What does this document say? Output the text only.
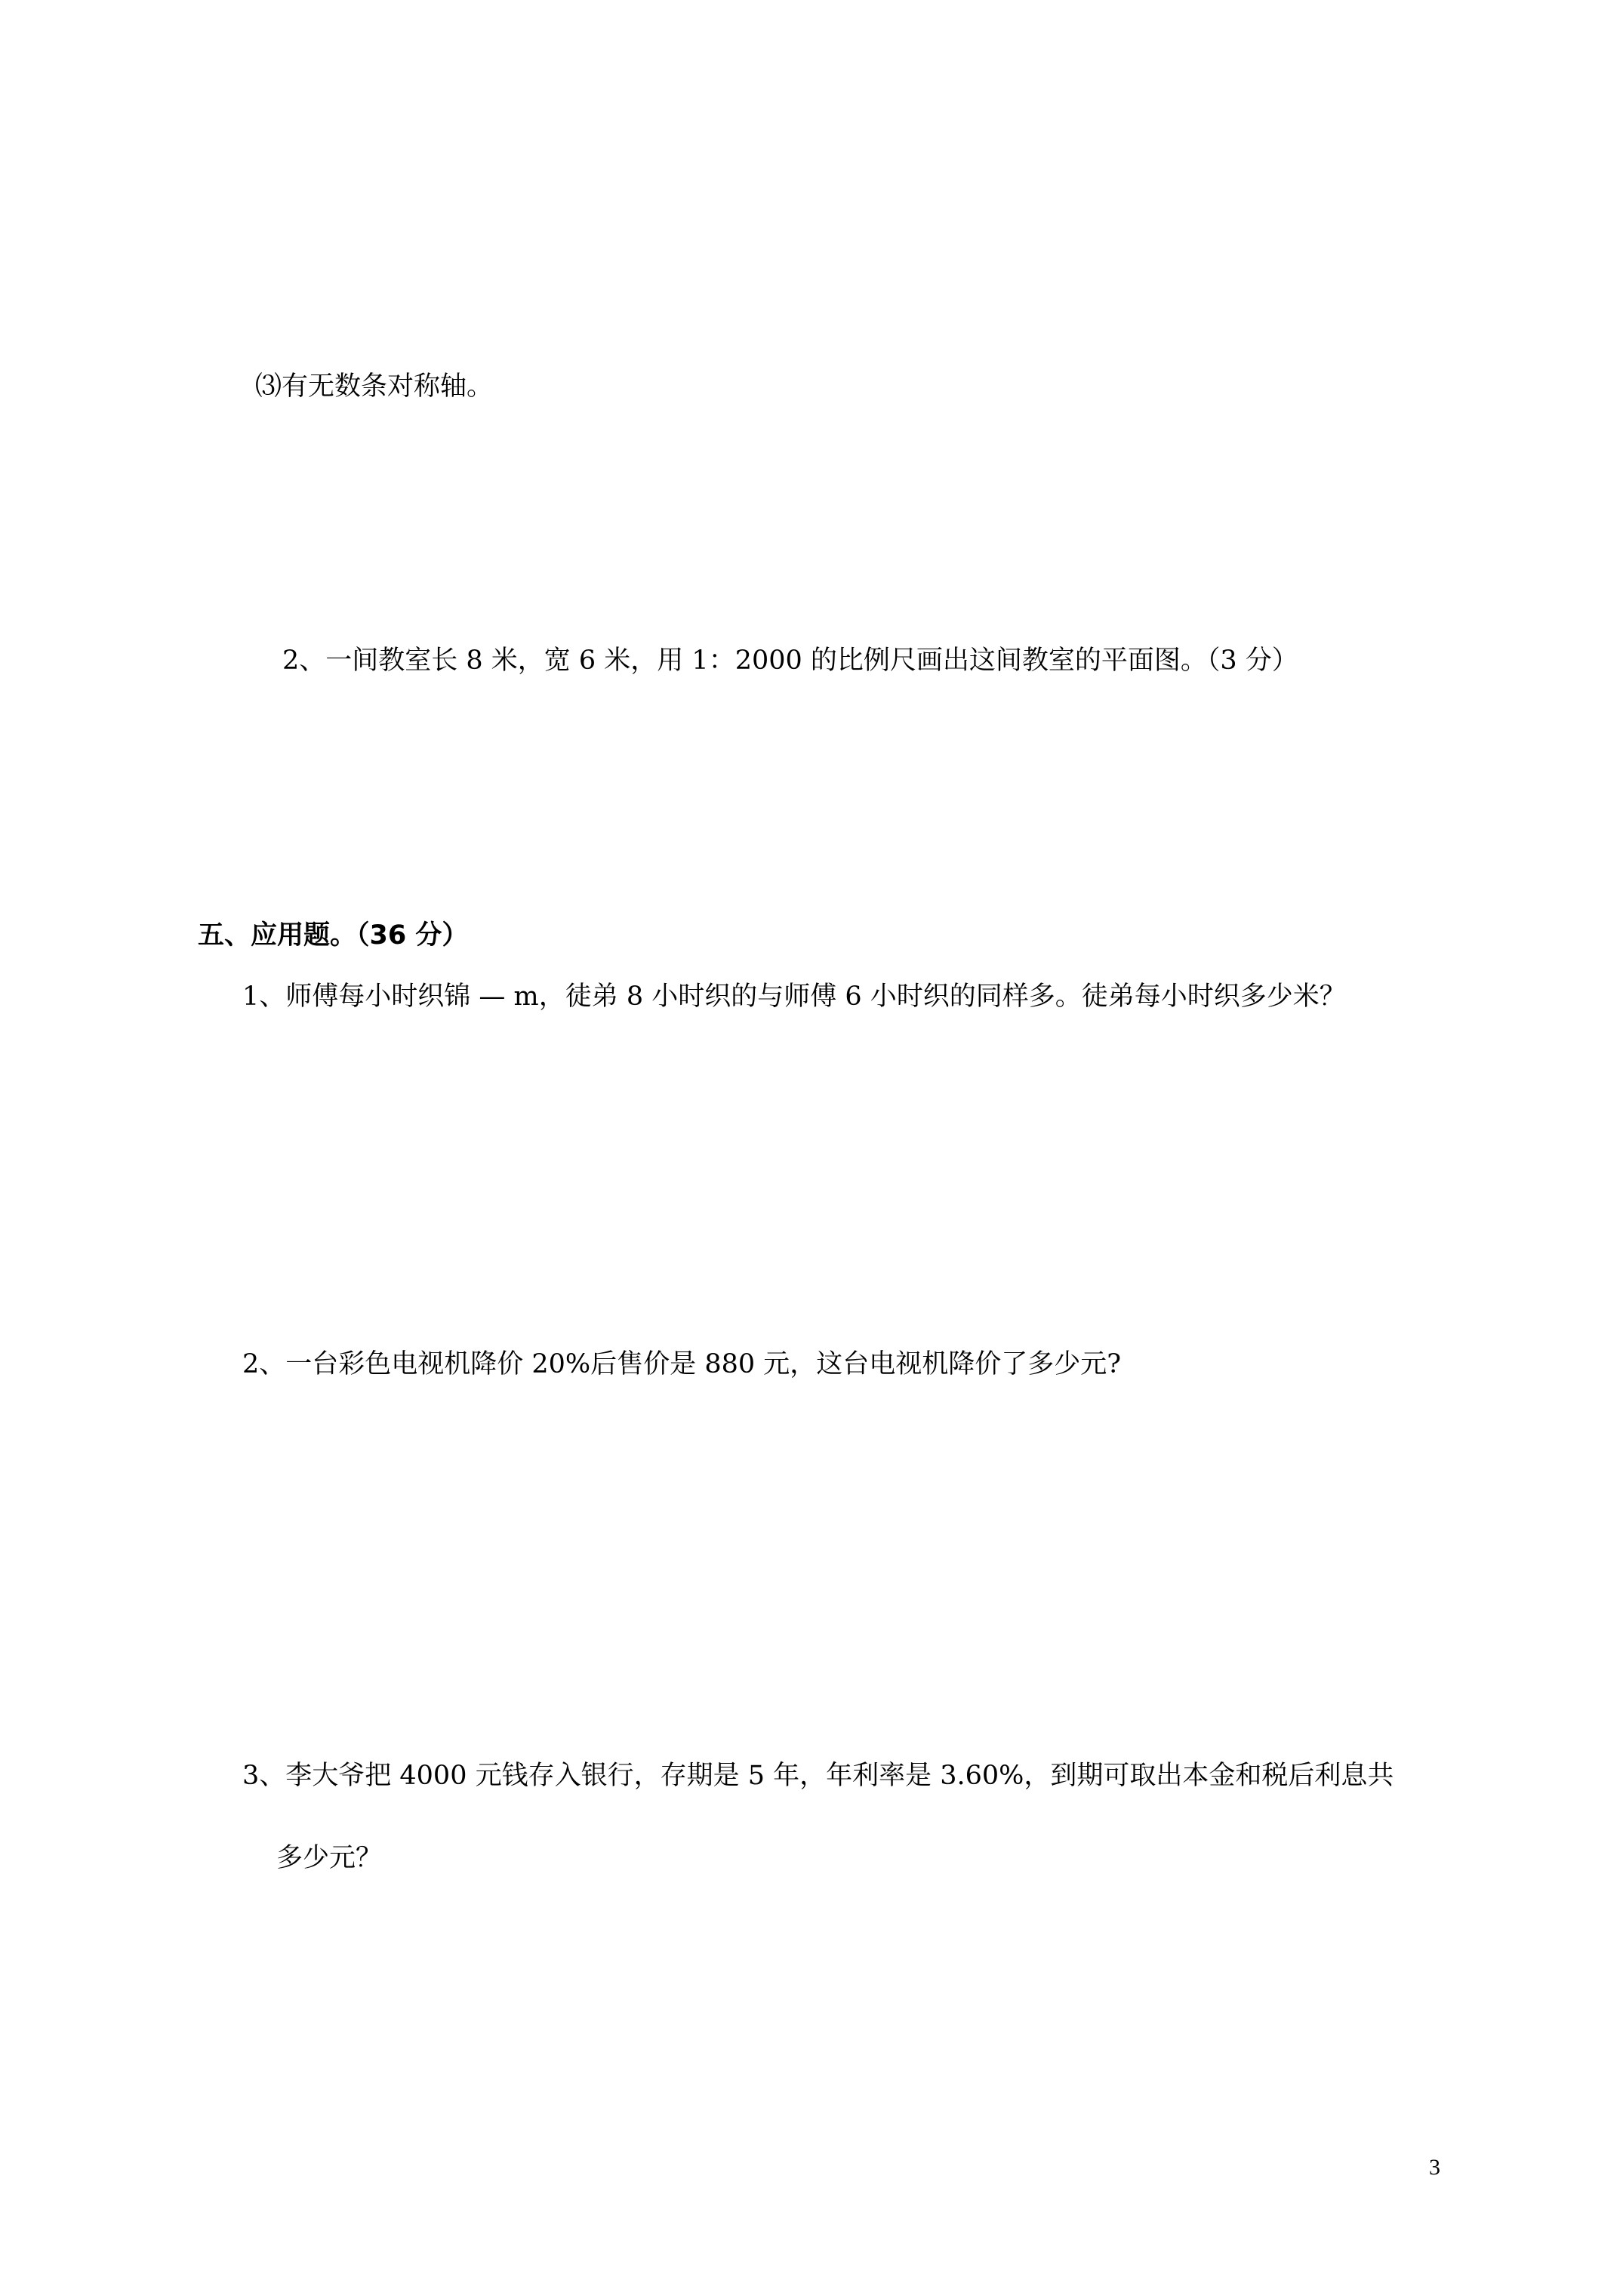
⑶有无数条对称轴。
2、一间教室长 8 米，宽 6 米，用 1：2000 的比例尺画出这间教室的平面图。（3 分）
五、应用题。（36 分）
1、师傅每小时织锦 — m，徒弟 8 小时织的与师傅 6 小时织的同样多。徒弟每小时织多少米？
2、一台彩色电视机降价 20%后售价是 880 元，这台电视机降价了多少元?
3、李大爷把 4000 元钱存入银行，存期是 5 年，年利率是 3.60%，到期可取出本金和税后利息共
多少元？
3
